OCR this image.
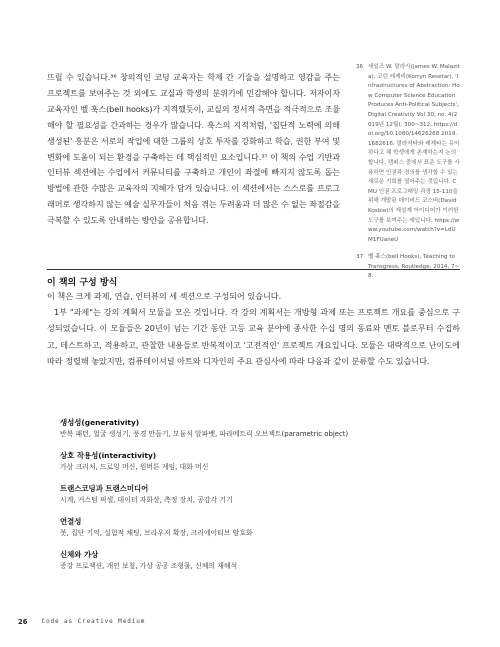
뜨릴 수 있습니다.³⁶ 창의적인 코딩 교육자는 학제 간 기술을 설명하고 영감을 주는 프로젝트를 보여주는 것 외에도 교실과 학생의 분위기에 민감해야 합니다. 저자이자 교육자인 벨 훅스(bell hooks)가 지적했듯이, 교실의 정서적 측면을 적극적으로 조율해야 할 필요성을 간과하는 경우가 많습니다. 훅스의 지적처럼, '집단적 노력에 의해 생성된' 흥분은 서로의 작업에 대한 그룹의 상호 투자를 강화하고 학습, 권한 부여 및 변화에 도움이 되는 환경을 구축하는 데 핵심적인 요소입니다.³⁷ 이 책의 수업 기반과 인터뷰 섹션에는 수업에서 커뮤니티를 구축하고 개인이 좌절에 빠지지 않도록 돕는 방법에 관한 수많은 교육자의 지혜가 담겨 있습니다. 이 섹션에서는 스스로를 프로그래머로 생각하지 않는 예술 실무자들이 처음 겪는 두려움과 더 많은 수 없는 좌절감을 극복할 수 있도록 안내하는 방안을 공유합니다.

36 세일즈 W. 말라시(James W. Malazita), 코린 레제비(Korryn Resetar), 'Infrastructures of Abstraction: How Computer Science Education Produces Anti-Political Subjects', Digital Creativity Vol 30, no. 4(2019년 12월), 300~312, https://doi.org/10.1080/14626268.2019.1682616. 말라지타와 레제타는 유익하다고 해 학생에게 존재하는지 논의합니다. 캠퍼스 중에서 표준 도구를 사용하면 인권과 정의를 생각할 수 있는 새로운 기회를 열어주는 것입니다. CMU 인권 프로그래밍 과정 15-110을 위해 개발된 데이비드 코스비(David Kosbie)의 재설계 아이디어가 이러한 도구를 보여주는 예입니다. https://www.youtube.com/watch?v=LdUM1FUaneU
37 벨 훅스(bell Hooks), Teaching to Transgress, Routledge, 2014, 7~8.
이 책의 구성 방식

이 책은 크게 과제, 연습, 인터뷰의 세 섹션으로 구성되어 있습니다.

1부 "과제"는 강의 계획서 모듈을 모은 것입니다. 각 강의 계획서는 개방형 과제 또는 프로젝트 개요를 중심으로 구성되었습니다. 이 모듈들은 20년이 넘는 기간 동안 고등 교육 분야에 종사한 수십 명의 동료와 멘토 블로무터 수집하고, 테스트하고, 적용하고, 관찰한 내용들로 반복적이고 '고전적인' 프로젝트 개요입니다. 모듈은 대략적으로 난이도에 따라 정렬해 놓았지만, 컴퓨테이셔널 아트와 디자인의 주요 관심사에 따라 다음과 같이 분류할 수도 있습니다.

생성성(generativity)
반복 패턴, 얼굴 생성기, 풍경 만들기, 모듈식 알파벳, 파라메트릭 오브젝트(parametric object)
상호 작용성(interactivity)
가상 크리처, 드로잉 머신, 원버튼 게임, 대화 머신
트랜스코딩과 트랜스미디어
시계, 커스텀 픽셀, 데이터 자화상, 측정 장치, 공감각 기기
연결성
봇, 집단 기억, 실험적 채팅, 브라우저 확장, 크리에이티브 암호화
신체와 가상
증강 프로젝션, 개인 보철, 가상 공공 조형물, 신체의 재해석
26 Code as Creative Medium
